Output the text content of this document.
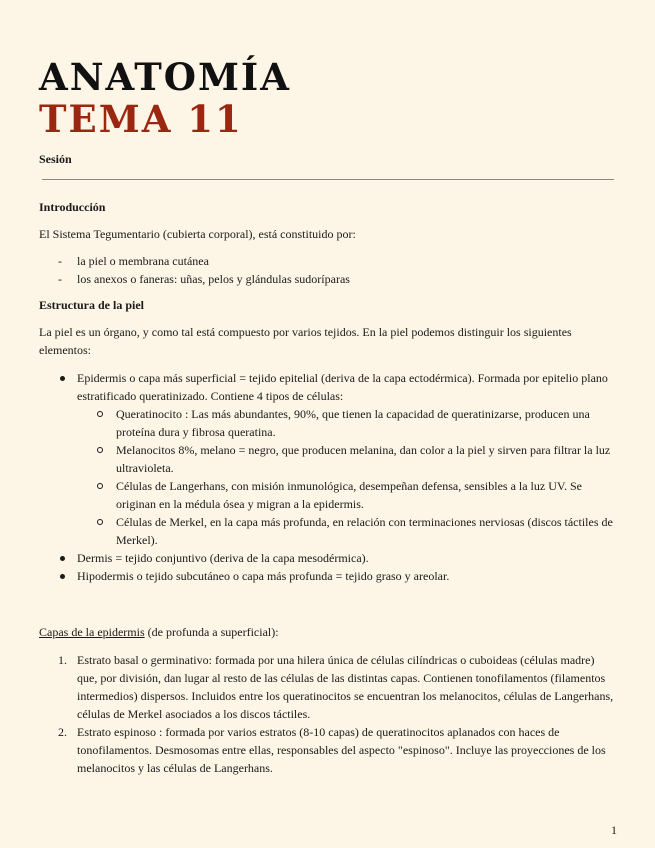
ANATOMÍA
TEMA 11
Sesión
Introducción

El Sistema Tegumentario (cubierta corporal), está constituido por:

- la piel o membrana cutánea
- los anexos o faneras: uñas, pelos y glándulas sudoríparas
Estructura de la piel

La piel es un órgano, y como tal está compuesto por varios tejidos. En la piel podemos distinguir los siguientes elementos:

Epidermis o capa más superficial = tejido epitelial (deriva de la capa ectodérmica). Formada por epitelio plano estratificado queratinizado. Contiene 4 tipos de células:
Queratinocito : Las más abundantes, 90%, que tienen la capacidad de queratinizarse, producen una proteína dura y fibrosa queratina.
Melanocitos 8%, melano = negro, que producen melanina, dan color a la piel y sirven para filtrar la luz ultravioleta.
Células de Langerhans, con misión inmunológica, desempeñan defensa, sensibles a la luz UV. Se originan en la médula ósea y migran a la epidermis.
Células de Merkel, en la capa más profunda, en relación con terminaciones nerviosas (discos táctiles de Merkel).
Dermis = tejido conjuntivo (deriva de la capa mesodérmica).
Hipodermis o tejido subcutáneo o capa más profunda = tejido graso y areolar.

Capas de la epidermis (de profunda a superficial):

1. Estrato basal o germinativo: formada por una hilera única de células cilíndricas o cuboideas (células madre) que, por división, dan lugar al resto de las células de las distintas capas. Contienen tonofilamentos (filamentos intermedios) dispersos. Incluidos entre los queratinocitos se encuentran los melanocitos, células de Langerhans, células de Merkel asociados a los discos táctiles.
2. Estrato espinoso : formada por varios estratos (8-10 capas) de queratinocitos aplanados con haces de tonofilamentos. Desmosomas entre ellas, responsables del aspecto "espinoso". Incluye las proyecciones de los melanocitos y las células de Langerhans.
1
